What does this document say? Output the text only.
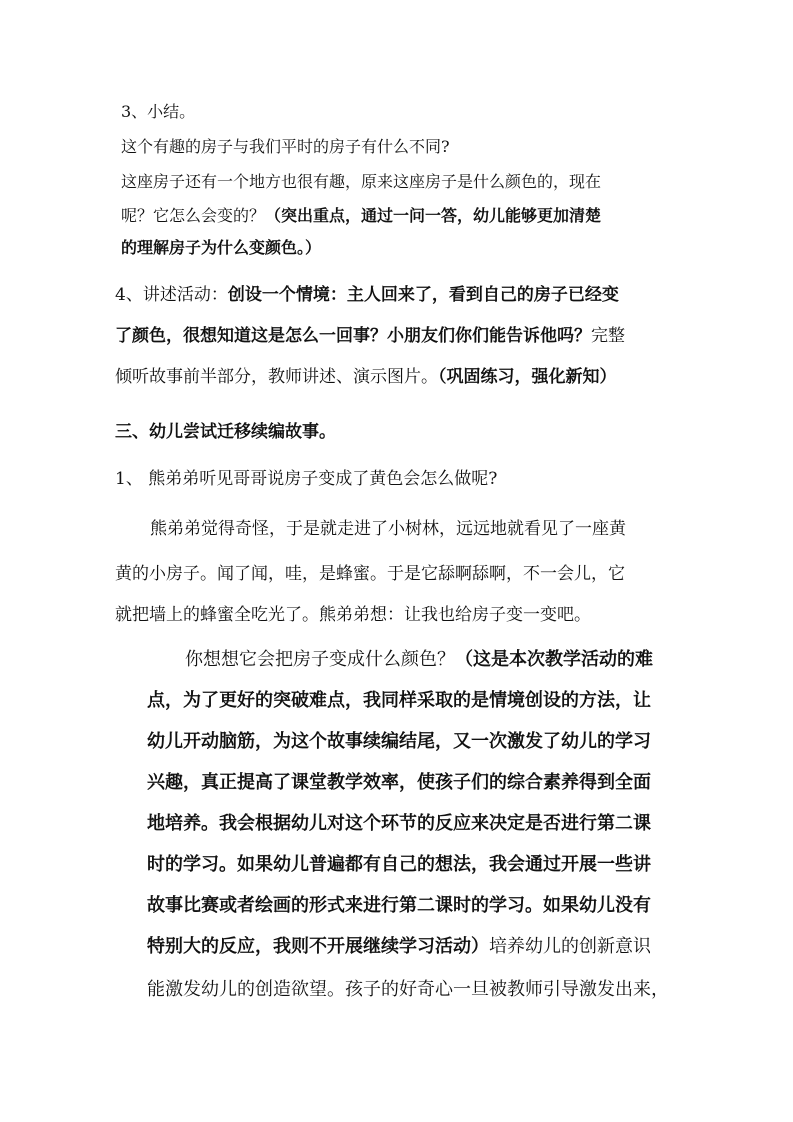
3、小结。
这个有趣的房子与我们平时的房子有什么不同?
这座房子还有一个地方也很有趣，原来这座房子是什么颜色的，现在
呢？它怎么会变的？（突出重点，通过一问一答，幼儿能够更加清楚
的理解房子为什么变颜色。）
4、讲述活动：创设一个情境：主人回来了，看到自己的房子已经变
了颜色，很想知道这是怎么一回事？小朋友们你们能告诉他吗？完整
倾听故事前半部分，教师讲述、演示图片。（巩固练习，强化新知）
三、幼儿尝试迁移续编故事。
1、 熊弟弟听见哥哥说房子变成了黄色会怎么做呢?
熊弟弟觉得奇怪，于是就走进了小树林，远远地就看见了一座黄
黄的小房子。闻了闻，哇，是蜂蜜。于是它舔啊舔啊，不一会儿，它
就把墙上的蜂蜜全吃光了。熊弟弟想：让我也给房子变一变吧。
你想想它会把房子变成什么颜色？（这是本次教学活动的难
点，为了更好的突破难点，我同样采取的是情境创设的方法，让
幼儿开动脑筋，为这个故事续编结尾，又一次激发了幼儿的学习
兴趣，真正提高了课堂教学效率，使孩子们的综合素养得到全面
地培养。我会根据幼儿对这个环节的反应来决定是否进行第二课
时的学习。如果幼儿普遍都有自己的想法，我会通过开展一些讲
故事比赛或者绘画的形式来进行第二课时的学习。如果幼儿没有
特别大的反应，我则不开展继续学习活动）培养幼儿的创新意识
能激发幼儿的创造欲望。孩子的好奇心一旦被教师引导激发出来，
